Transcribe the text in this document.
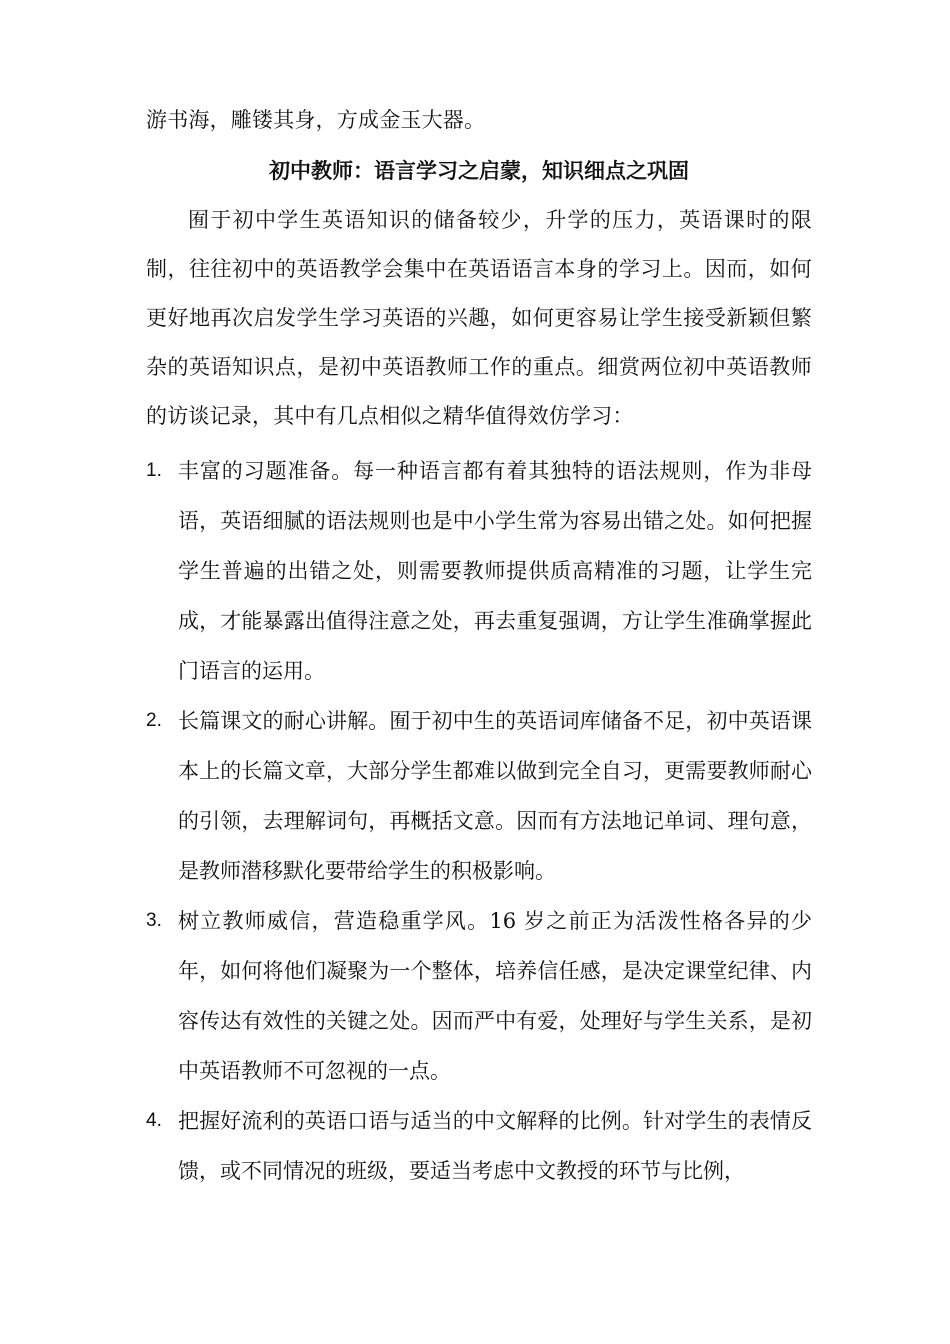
游书海，雕镂其身，方成金玉大器。
初中教师：语言学习之启蒙，知识细点之巩固
囿于初中学生英语知识的储备较少，升学的压力，英语课时的限制，往往初中的英语教学会集中在英语语言本身的学习上。因而，如何更好地再次启发学生学习英语的兴趣，如何更容易让学生接受新颖但繁杂的英语知识点，是初中英语教师工作的重点。细赏两位初中英语教师的访谈记录，其中有几点相似之精华值得效仿学习：
1. 丰富的习题准备。每一种语言都有着其独特的语法规则，作为非母语，英语细腻的语法规则也是中小学生常为容易出错之处。如何把握学生普遍的出错之处，则需要教师提供质高精准的习题，让学生完成，才能暴露出值得注意之处，再去重复强调，方让学生准确掌握此门语言的运用。
2. 长篇课文的耐心讲解。囿于初中生的英语词库储备不足，初中英语课本上的长篇文章，大部分学生都难以做到完全自习，更需要教师耐心的引领，去理解词句，再概括文意。因而有方法地记单词、理句意，是教师潜移默化要带给学生的积极影响。
3. 树立教师威信，营造稳重学风。16 岁之前正为活泼性格各异的少年，如何将他们凝聚为一个整体，培养信任感，是决定课堂纪律、内容传达有效性的关键之处。因而严中有爱，处理好与学生关系，是初中英语教师不可忽视的一点。
4. 把握好流利的英语口语与适当的中文解释的比例。针对学生的表情反馈，或不同情况的班级，要适当考虑中文教授的环节与比例，
